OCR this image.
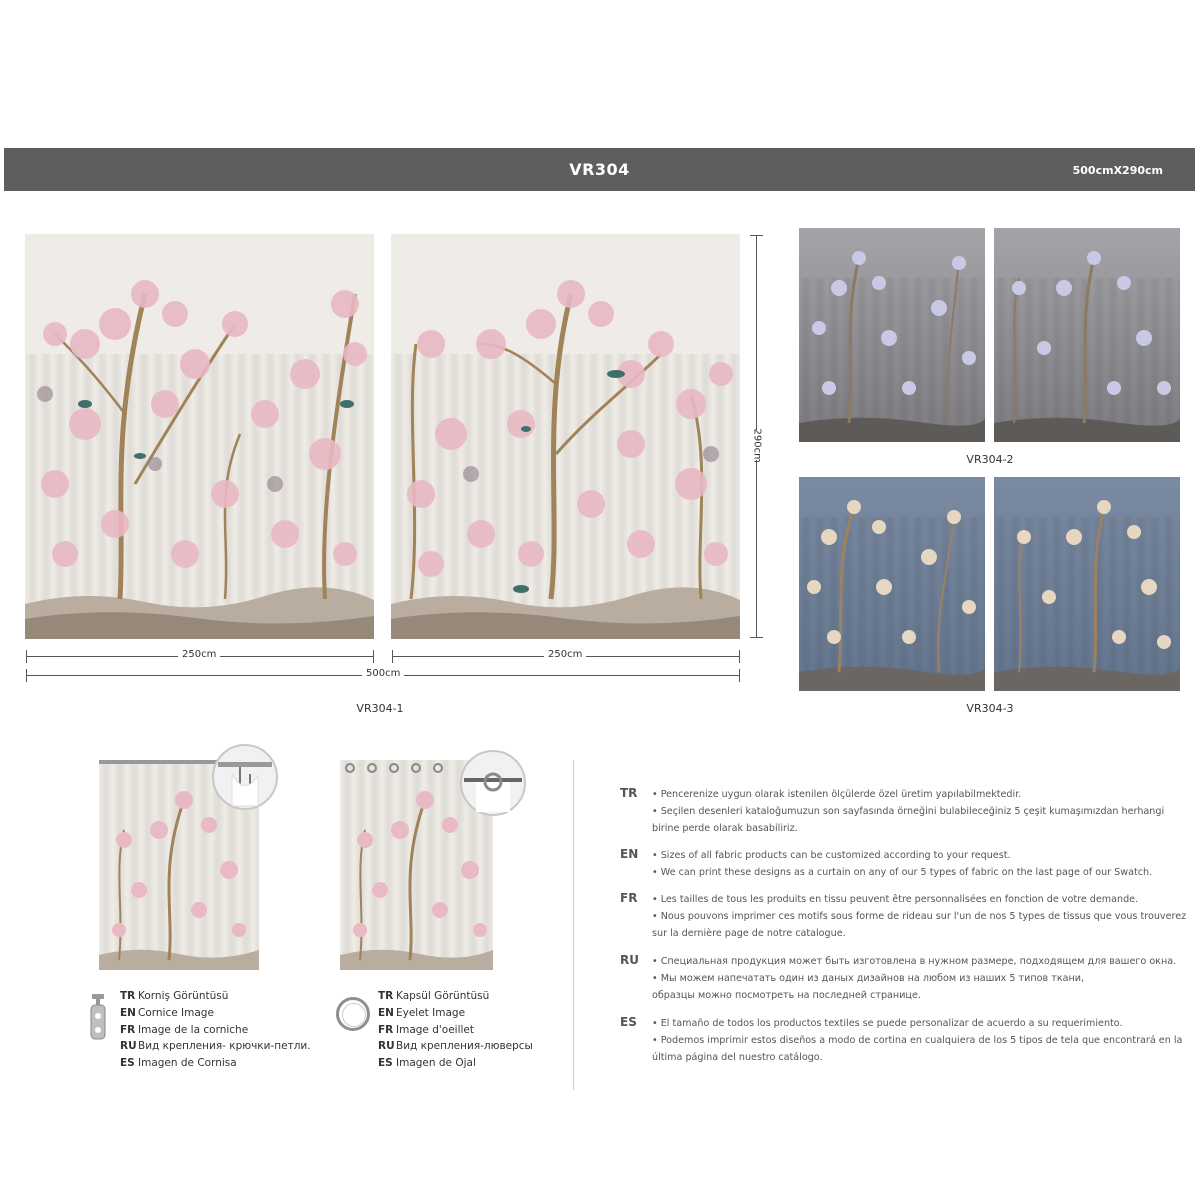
VR304	500cmX290cm
290cm
250cm	250cm
500cm
VR304-1
VR304-2
VR304-3
TR Korniş Görüntüsü
EN Cornice Image
FR Image de la corniche
RUВид крепления- крючки-петли.
ES Imagen de Cornisa
TR Kapsül Görüntüsü
EN Eyelet Image
FR Image d'oeillet
RUВид крепления-люверсы
ES Imagen de Ojal
TR	• Pencerenize uygun olarak istenilen ölçülerde özel üretim yapılabilmektedir.
• Seçilen desenleri kataloğumuzun son sayfasında örneğini bulabileceğiniz 5 çeşit kumaşımızdan herhangi
birine perde olarak basabiliriz.
EN	• Sizes of all fabric products can be customized according to your request.
• We can print these designs as a curtain on any of our 5 types of fabric on the last page of our Swatch.
FR	• Les tailles de tous les produits en tissu peuvent être personnalisées en fonction de votre demande.
• Nous pouvons imprimer ces motifs sous forme de rideau sur l'un de nos 5 types de tissus que vous trouverez
sur la dernière page de notre catalogue.
RU	• Специальная продукция может быть изготовлена в нужном размере, подходящем для вашего окна.
• Мы можем напечатать один из даных дизайнов на любом из наших 5 типов ткани,
образцы можно посмотреть на последней странице.
ES	• El tamaño de todos los productos textiles se puede personalizar de acuerdo a su requerimiento.
• Podemos imprimir estos diseños a modo de cortina en cualquiera de los 5 tipos de tela que encontrará en la
última página del nuestro catálogo.
